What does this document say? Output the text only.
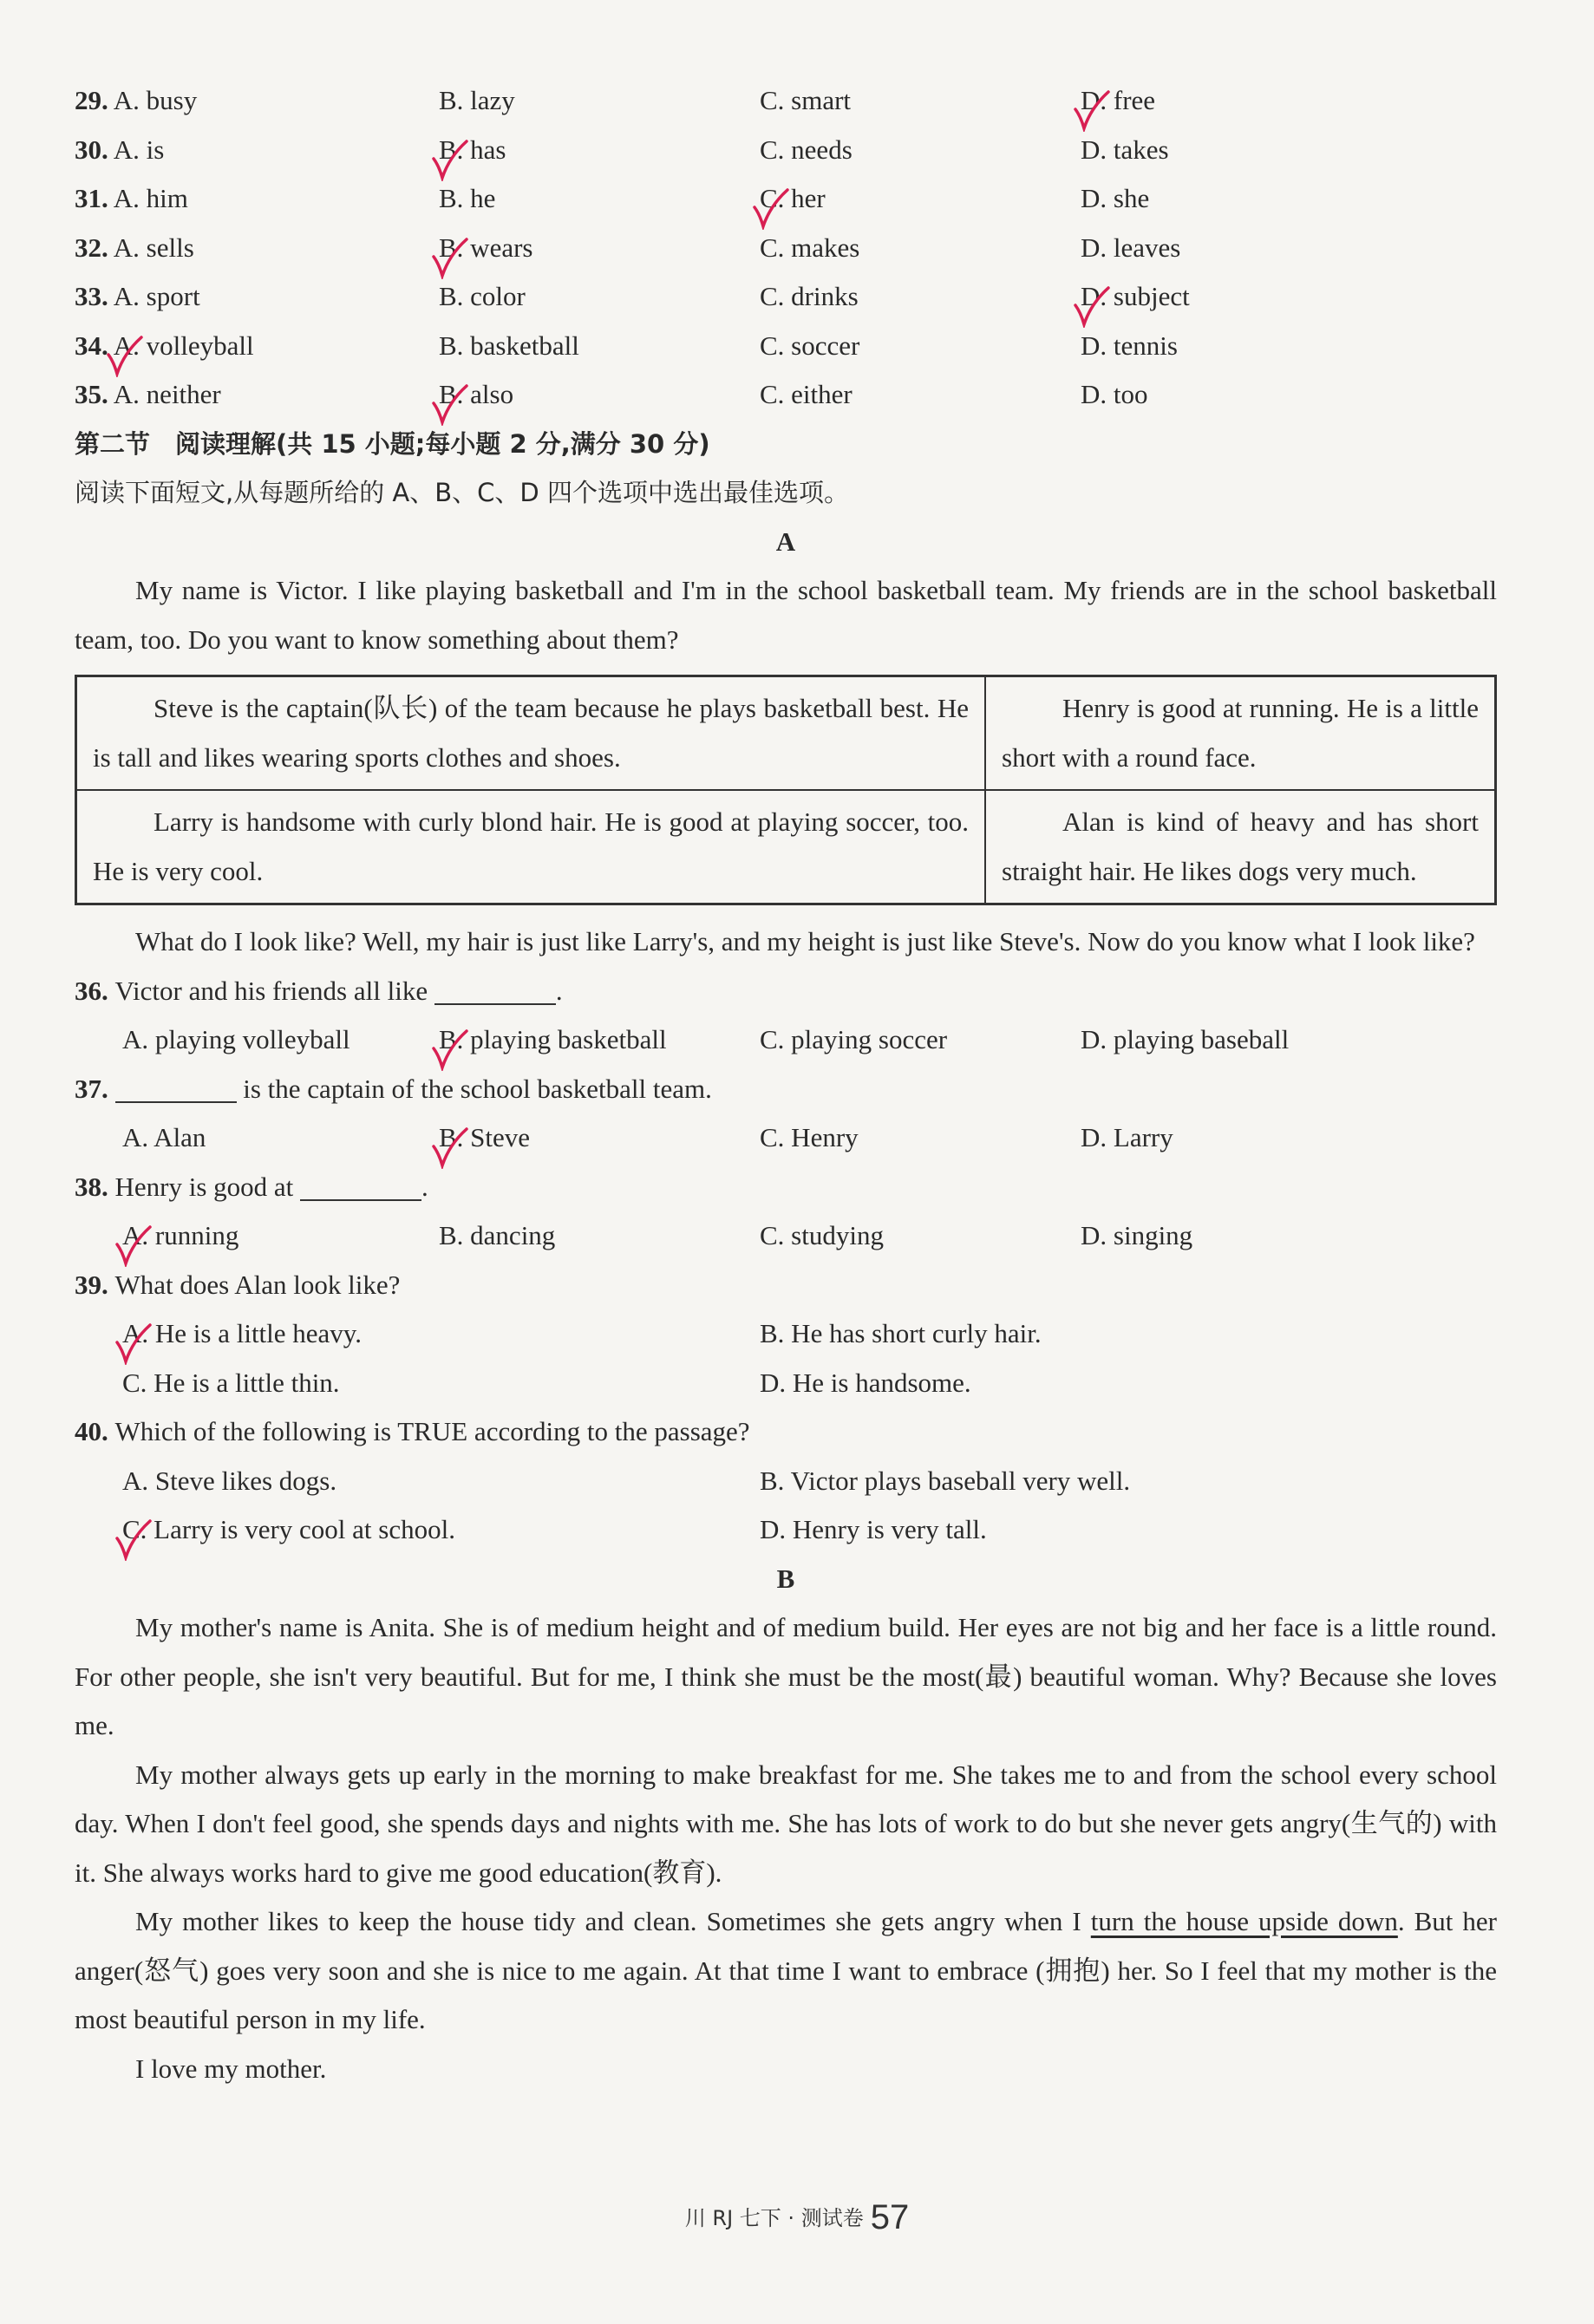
29. A. busy	B. lazy	C. smart	D. free
30. A. is	B. has	C. needs	D. takes
31. A. him	B. he	C. her	D. she
32. A. sells	B. wears	C. makes	D. leaves
33. A. sport	B. color	C. drinks	D. subject
34. A. volleyball	B. basketball	C. soccer	D. tennis
35. A. neither	B. also	C. either	D. too
第二节　阅读理解(共 15 小题;每小题 2 分,满分 30 分)
阅读下面短文,从每题所给的 A、B、C、D 四个选项中选出最佳选项。
A

My name is Victor. I like playing basketball and I'm in the school basketball team. My friends are in the school basketball team, too. Do you want to know something about them?

Steve is the captain(队长) of the team because he plays basketball best. He is tall and likes wearing sports clothes and shoes.	Henry is good at running. He is a little short with a round face.

Larry is handsome with curly blond hair. He is good at playing soccer, too. He is very cool.	Alan is kind of heavy and has short straight hair. He likes dogs very much.

What do I look like? Well, my hair is just like Larry's, and my height is just like Steve's. Now do you know what I look like?

36.
Victor and his friends all like
	.
A. playing volleyball	B. playing basketball	C. playing soccer	D. playing baseball
37.

	is the captain of the school basketball team.
A. Alan	B. Steve	C. Henry	D. Larry
38.
Henry is good at
	.
A. running	B. dancing	C. studying	D. singing
39.
What does Alan look like?
A. He is a little heavy.	B. He has short curly hair.
C. He is a little thin.	D. He is handsome.
40.
Which of the following is TRUE according to the passage?
A. Steve likes dogs.	B. Victor plays baseball very well.
C. Larry is very cool at school.	D. Henry is very tall.
B

My mother's name is Anita. She is of medium height and of medium build. Her eyes are not big and her face is a little round. For other people, she isn't very beautiful. But for me, I think she must be the most(最) beautiful woman. Why? Because she loves me.

My mother always gets up early in the morning to make breakfast for me. She takes me to and from the school every school day. When I don't feel good, she spends days and nights with me. She has lots of work to do but she never gets angry(生气的) with it. She always works hard to give me good education(教育).

My mother likes to keep the house tidy and clean. Sometimes she gets angry when I turn the house upside down. But her anger(怒气) goes very soon and she is nice to me again. At that time I want to embrace (拥抱) her. So I feel that my mother is the most beautiful person in my life.

I love my mother.

川 RJ 七下 · 测试卷 57
